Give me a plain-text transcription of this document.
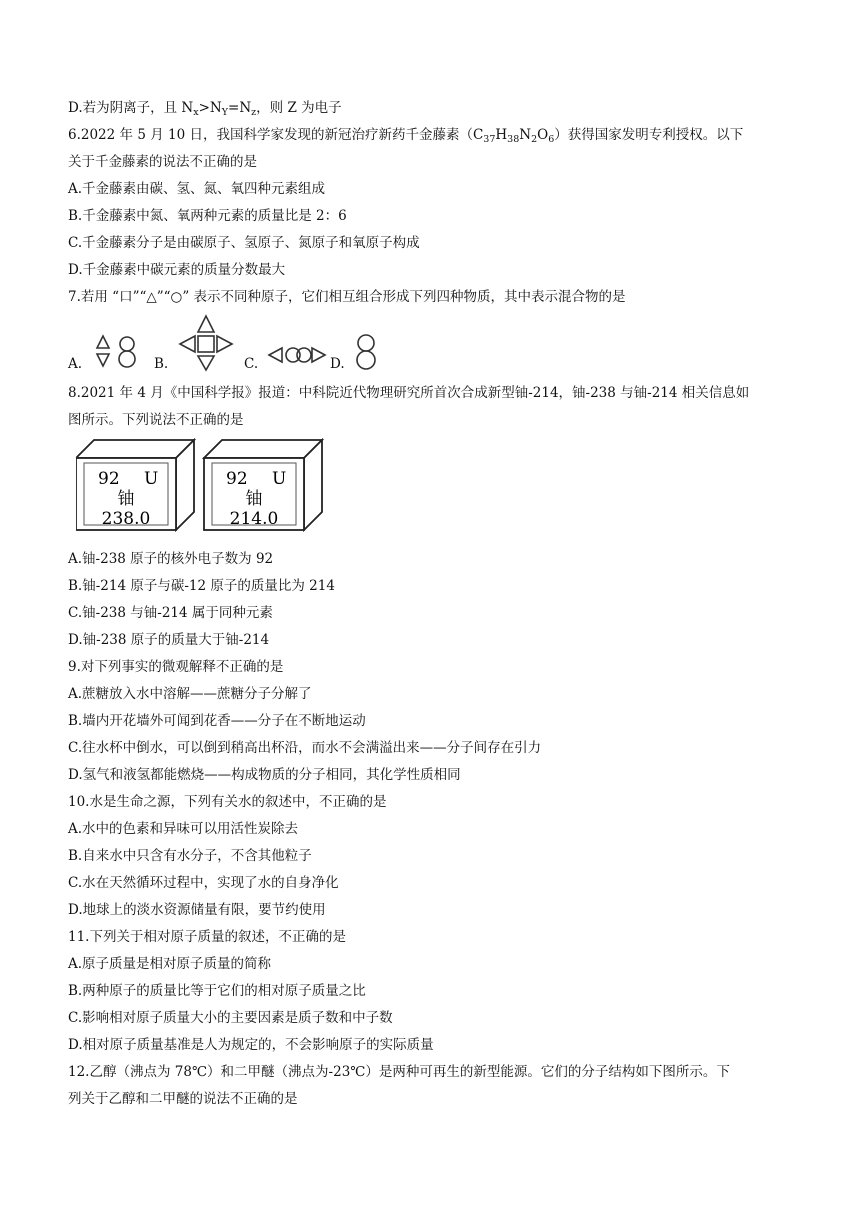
D.若为阴离子，且 $N_x>N_Y=N_z$，则 Z 为电子
6.2022 年 5 月 10 日，我国科学家发现的新冠治疗新药千金藤素$(C_{37}H_{38}N_2O_6)$获得国家发明专利授权。以下
关于千金藤素的说法不正确的是
A.千金藤素由碳、氢、氮、氧四种元素组成
B.千金藤素中氮、氧两种元素的质量比是 2：6
C.千金藤素分子是由碳原子、氢原子、氮原子和氧原子构成
D.千金藤素中碳元素的质量分数最大
7.若用 “口”“△”“○” 表示不同种原子，它们相互组合形成下列四种物质，其中表示混合物的是
A.	B.	C.	D.
8.2021 年 4 月《中国科学报》报道：中科院近代物理研究所首次合成新型铀-214，铀-238 与铀-214 相关信息如
图所示。下列说法不正确的是
92 U
铀
238.0
92 U
铀
214.0
A.铀-238 原子的核外电子数为 92
B.铀-214 原子与碳-12 原子的质量比为 214
C.铀-238 与铀-214 属于同种元素
D.铀-238 原子的质量大于铀-214
9.对下列事实的微观解释不正确的是
A.蔗糖放入水中溶解——蔗糖分子分解了
B.墙内开花墙外可闻到花香——分子在不断地运动
C.往水杯中倒水，可以倒到稍高出杯沿，而水不会满溢出来——分子间存在引力
D.氢气和液氢都能燃烧——构成物质的分子相同，其化学性质相同
10.水是生命之源，下列有关水的叙述中，不正确的是
A.水中的色素和异味可以用活性炭除去
B.自来水中只含有水分子，不含其他粒子
C.水在天然循环过程中，实现了水的自身净化
D.地球上的淡水资源储量有限，要节约使用
11.下列关于相对原子质量的叙述，不正确的是
A.原子质量是相对原子质量的简称
B.两种原子的质量比等于它们的相对原子质量之比
C.影响相对原子质量大小的主要因素是质子数和中子数
D.相对原子质量基准是人为规定的，不会影响原子的实际质量
12.乙醇（沸点为 78℃）和二甲醚（沸点为-23℃）是两种可再生的新型能源。它们的分子结构如下图所示。下
列关于乙醇和二甲醚的说法不正确的是
